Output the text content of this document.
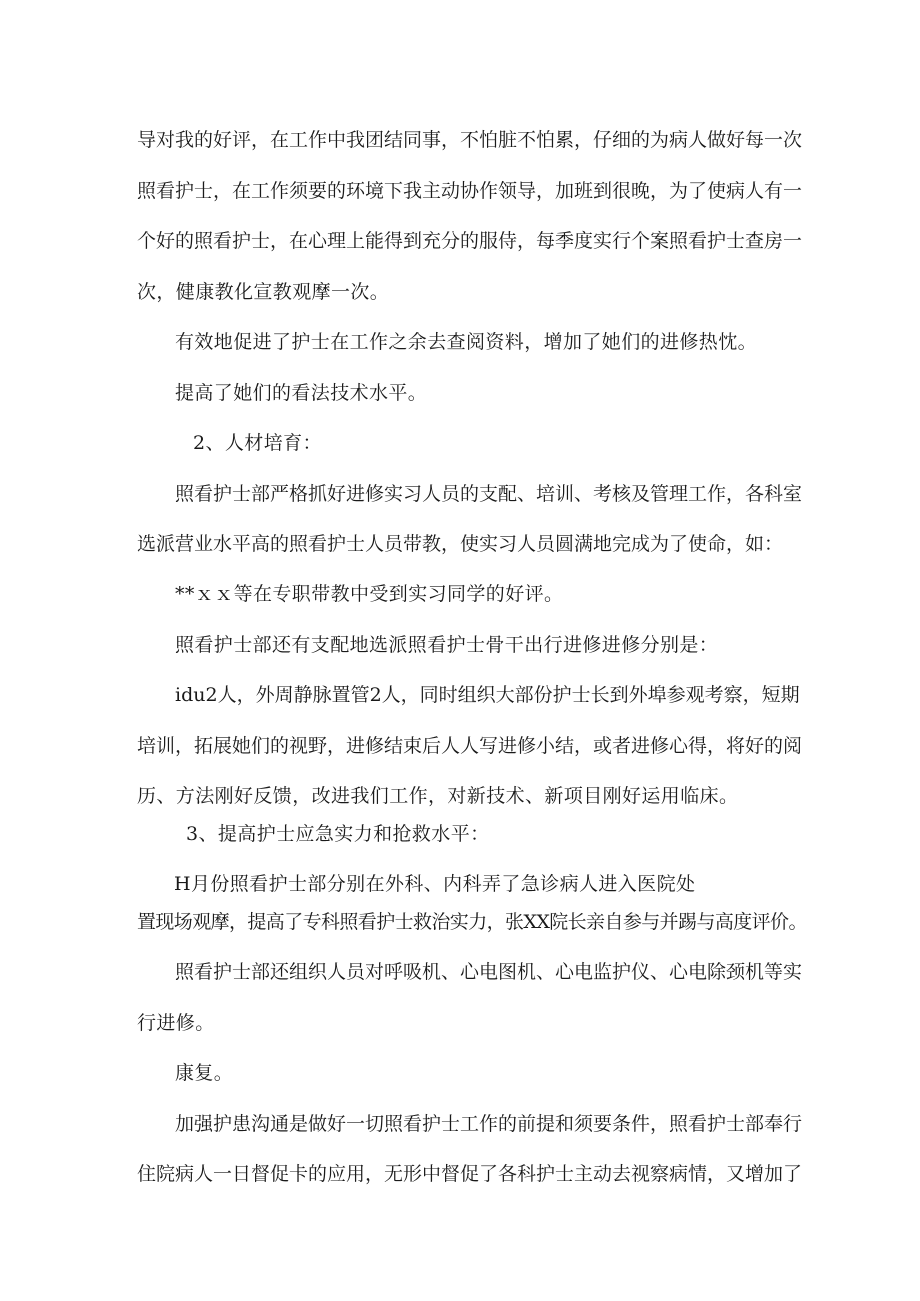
导对我的好评，在工作中我团结同事，不怕脏不怕累，仔细的为病人做好每一次
照看护士，在工作须要的环境下我主动协作领导，加班到很晚，为了使病人有一
个好的照看护士，在心理上能得到充分的服侍，每季度实行个案照看护士查房一
次，健康教化宣教观摩一次。
有效地促进了护士在工作之余去查阅资料，增加了她们的进修热忱。
提高了她们的看法技术水平。
2、人材培育：
照看护士部严格抓好进修实习人员的支配、培训、考核及管理工作，各科室
选派营业水平高的照看护士人员带教，使实习人员圆满地完成为了使命，如：
**ｘｘ等在专职带教中受到实习同学的好评。
照看护士部还有支配地选派照看护士骨干出行进修进修分别是：
idu2人，外周静脉置管2人，同时组织大部份护士长到外埠参观考察，短期
培训，拓展她们的视野，进修结束后人人写进修小结，或者进修心得，将好的阅
历、方法刚好反馈，改进我们工作，对新技术、新项目刚好运用临床。
3、提高护士应急实力和抢救水平：
H月份照看护士部分别在外科、内科弄了急诊病人进入医院处
置现场观摩，提高了专科照看护士救治实力，张XX院长亲自参与并踢与高度评价。
照看护士部还组织人员对呼吸机、心电图机、心电监护仪、心电除颈机等实
行进修。
康复。
加强护患沟通是做好一切照看护士工作的前提和须要条件，照看护士部奉行
住院病人一日督促卡的应用，无形中督促了各科护士主动去视察病情，又增加了
